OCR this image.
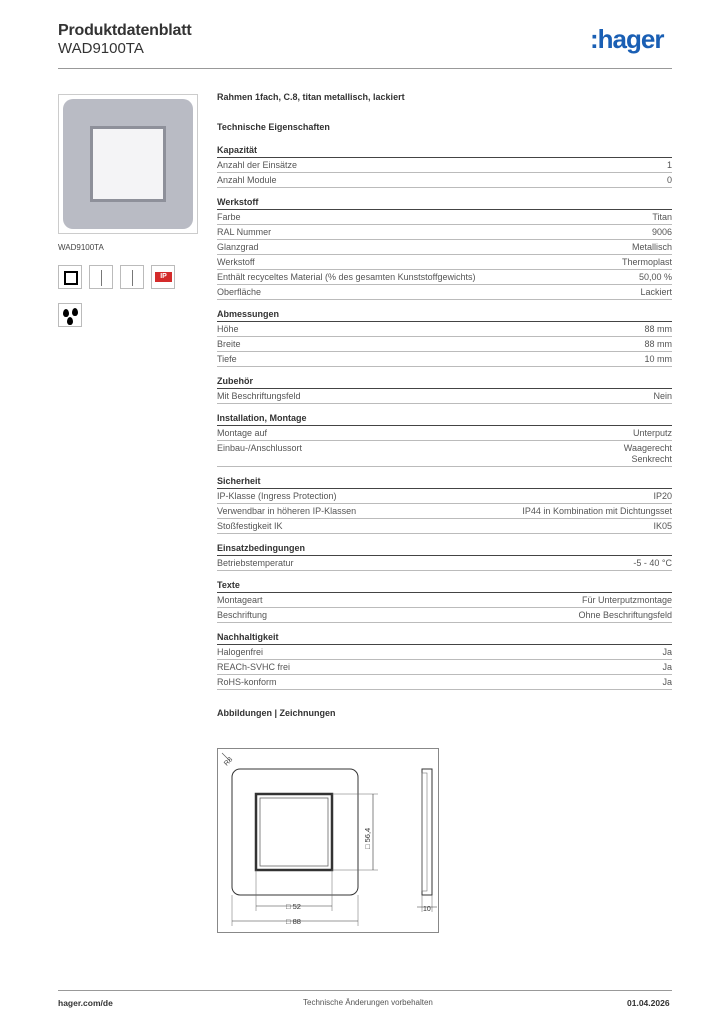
Produktdatenblatt
WAD9100TA	:hager
WAD9100TA
IP
Rahmen 1fach, C.8, titan metallisch, lackiert
Technische Eigenschaften
Kapazität
Anzahl der Einsätze	1
Anzahl Module	0
Werkstoff
Farbe	Titan
RAL Nummer	9006
Glanzgrad	Metallisch
Werkstoff	Thermoplast
Enthält recyceltes Material (% des gesamten Kunststoffgewichts)	50,00 %
Oberfläche	Lackiert
Abmessungen
Höhe	88 mm
Breite	88 mm
Tiefe	10 mm
Zubehör
Mit Beschriftungsfeld	Nein
Installation, Montage
Montage auf	Unterputz
Einbau-/Anschlussort	Waagerecht
Senkrecht
Sicherheit
IP-Klasse (Ingress Protection)	IP20
Verwendbar in höheren IP-Klassen	IP44 in Kombination mit Dichtungsset
Stoßfestigkeit IK	IK05
Einsatzbedingungen
Betriebstemperatur	-5 - 40 °C
Texte
Montageart	Für Unterputzmontage
Beschriftung	Ohne Beschriftungsfeld
Nachhaltigkeit
Halogenfrei	Ja
REACh-SVHC frei	Ja
RoHS-konform	Ja
Abbildungen | Zeichnungen
R8
□ 52
□ 88
□ 56,4
10
hager.com/de	Technische Änderungen vorbehalten	01.04.2026
